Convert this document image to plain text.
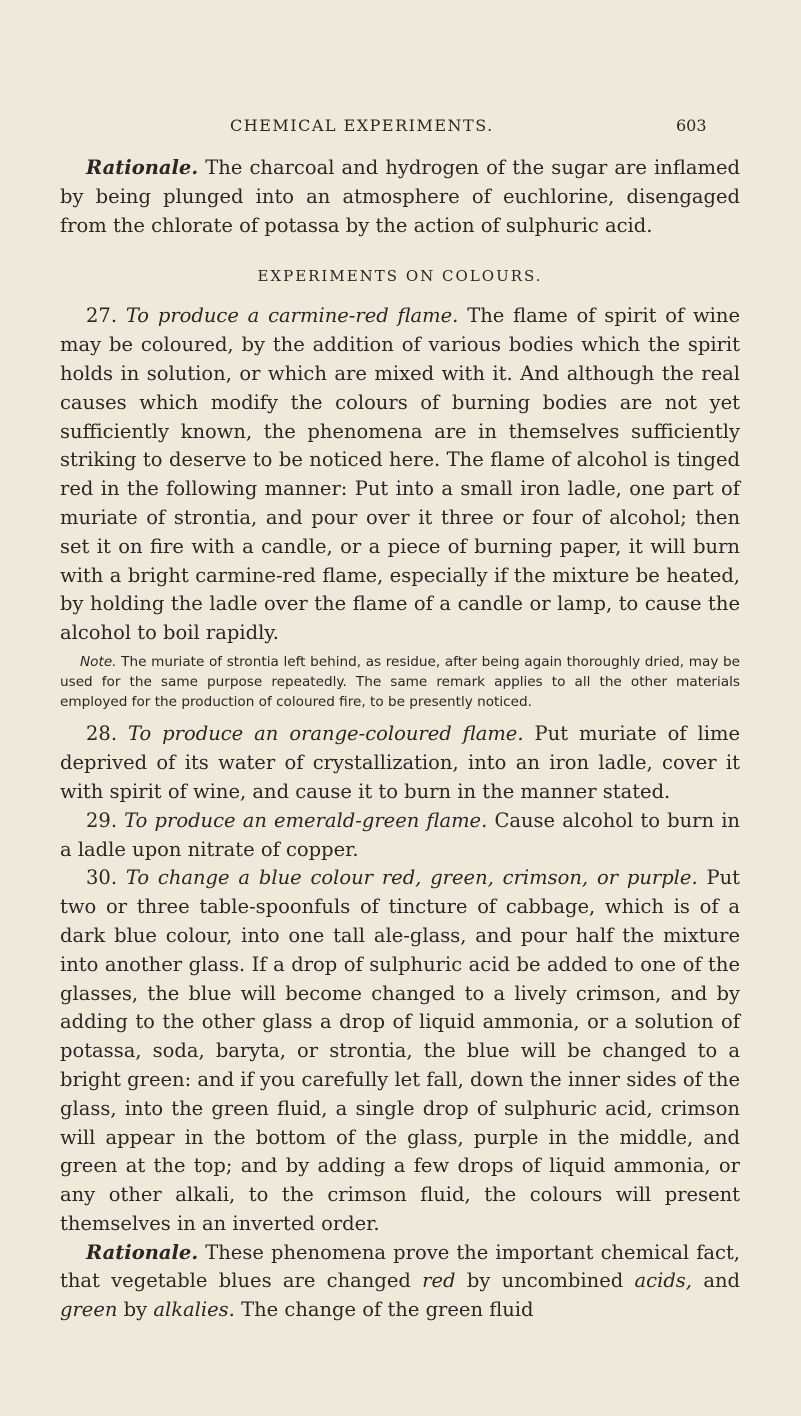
CHEMICAL EXPERIMENTS.	603

Rationale. The charcoal and hydrogen of the sugar are inflamed by being plunged into an atmosphere of euchlorine, disengaged from the chlorate of potassa by the action of sulphuric acid.

EXPERIMENTS ON COLOURS.

27. To produce a carmine-red flame. The flame of spirit of wine may be coloured, by the addition of various bodies which the spirit holds in solution, or which are mixed with it. And although the real causes which modify the colours of burning bodies are not yet sufficiently known, the phenomena are in themselves sufficiently striking to deserve to be noticed here. The flame of alcohol is tinged red in the following manner: Put into a small iron ladle, one part of muriate of strontia, and pour over it three or four of alcohol; then set it on fire with a candle, or a piece of burning paper, it will burn with a bright carmine-red flame, especially if the mixture be heated, by holding the ladle over the flame of a candle or lamp, to cause the alcohol to boil rapidly.

Note. The muriate of strontia left behind, as residue, after being again thoroughly dried, may be used for the same purpose repeatedly. The same remark applies to all the other materials employed for the production of coloured fire, to be presently noticed.

28. To produce an orange-coloured flame. Put muriate of lime deprived of its water of crystallization, into an iron ladle, cover it with spirit of wine, and cause it to burn in the manner stated.

29. To produce an emerald-green flame. Cause alcohol to burn in a ladle upon nitrate of copper.

30. To change a blue colour red, green, crimson, or purple. Put two or three table-spoonfuls of tincture of cabbage, which is of a dark blue colour, into one tall ale-glass, and pour half the mixture into another glass. If a drop of sulphuric acid be added to one of the glasses, the blue will become changed to a lively crimson, and by adding to the other glass a drop of liquid ammonia, or a solution of potassa, soda, baryta, or strontia, the blue will be changed to a bright green: and if you carefully let fall, down the inner sides of the glass, into the green fluid, a single drop of sulphuric acid, crimson will appear in the bottom of the glass, purple in the middle, and green at the top; and by adding a few drops of liquid ammonia, or any other alkali, to the crimson fluid, the colours will present themselves in an inverted order.

Rationale. These phenomena prove the important chemical fact, that vegetable blues are changed red by uncombined acids, and green by alkalies. The change of the green fluid
